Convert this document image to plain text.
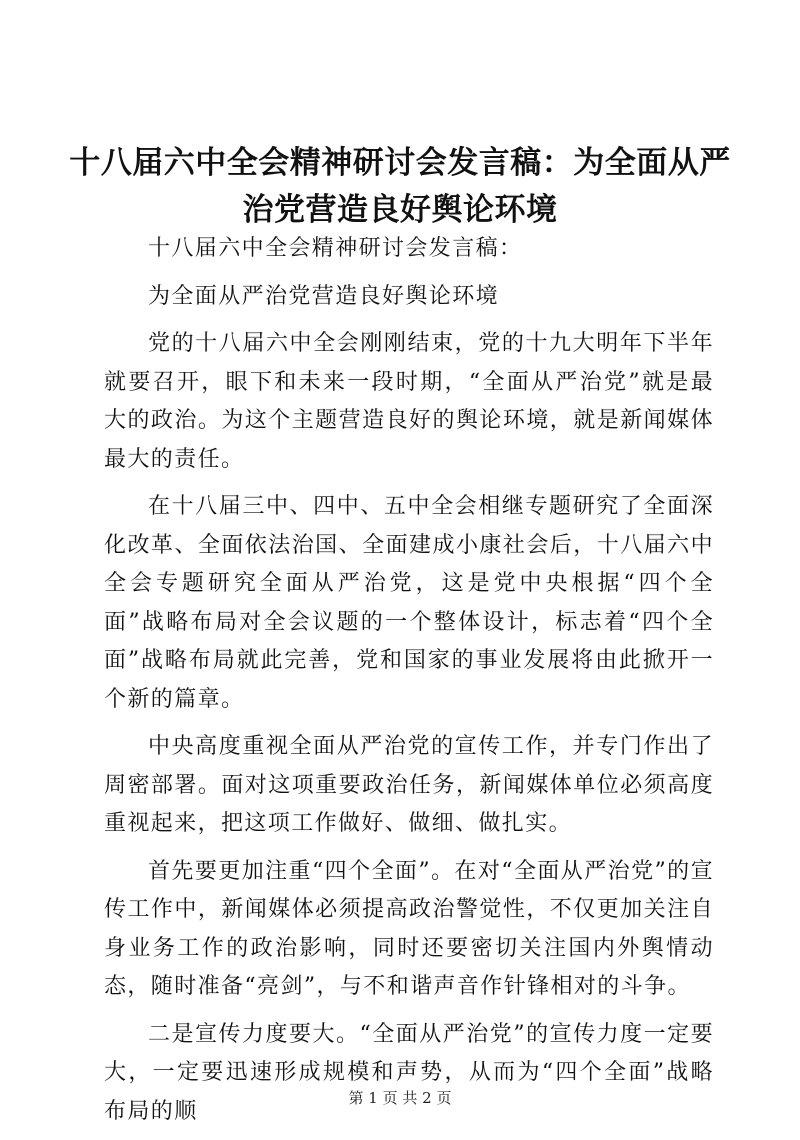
十八届六中全会精神研讨会发言稿：为全面从严治党营造良好舆论环境

十八届六中全会精神研讨会发言稿：

为全面从严治党营造良好舆论环境

党的十八届六中全会刚刚结束，党的十九大明年下半年就要召开，眼下和未来一段时期，“全面从严治党”就是最大的政治。为这个主题营造良好的舆论环境，就是新闻媒体最大的责任。

在十八届三中、四中、五中全会相继专题研究了全面深化改革、全面依法治国、全面建成小康社会后，十八届六中全会专题研究全面从严治党，这是党中央根据“四个全面”战略布局对全会议题的一个整体设计，标志着“四个全面”战略布局就此完善，党和国家的事业发展将由此掀开一个新的篇章。

中央高度重视全面从严治党的宣传工作，并专门作出了周密部署。面对这项重要政治任务，新闻媒体单位必须高度重视起来，把这项工作做好、做细、做扎实。

首先要更加注重“四个全面”。在对“全面从严治党”的宣传工作中，新闻媒体必须提高政治警觉性，不仅更加关注自身业务工作的政治影响，同时还要密切关注国内外舆情动态，随时准备“亮剑”，与不和谐声音作针锋相对的斗争。

二是宣传力度要大。“全面从严治党”的宣传力度一定要大，一定要迅速形成规模和声势，从而为“四个全面”战略布局的顺

第 1 页 共 2 页
